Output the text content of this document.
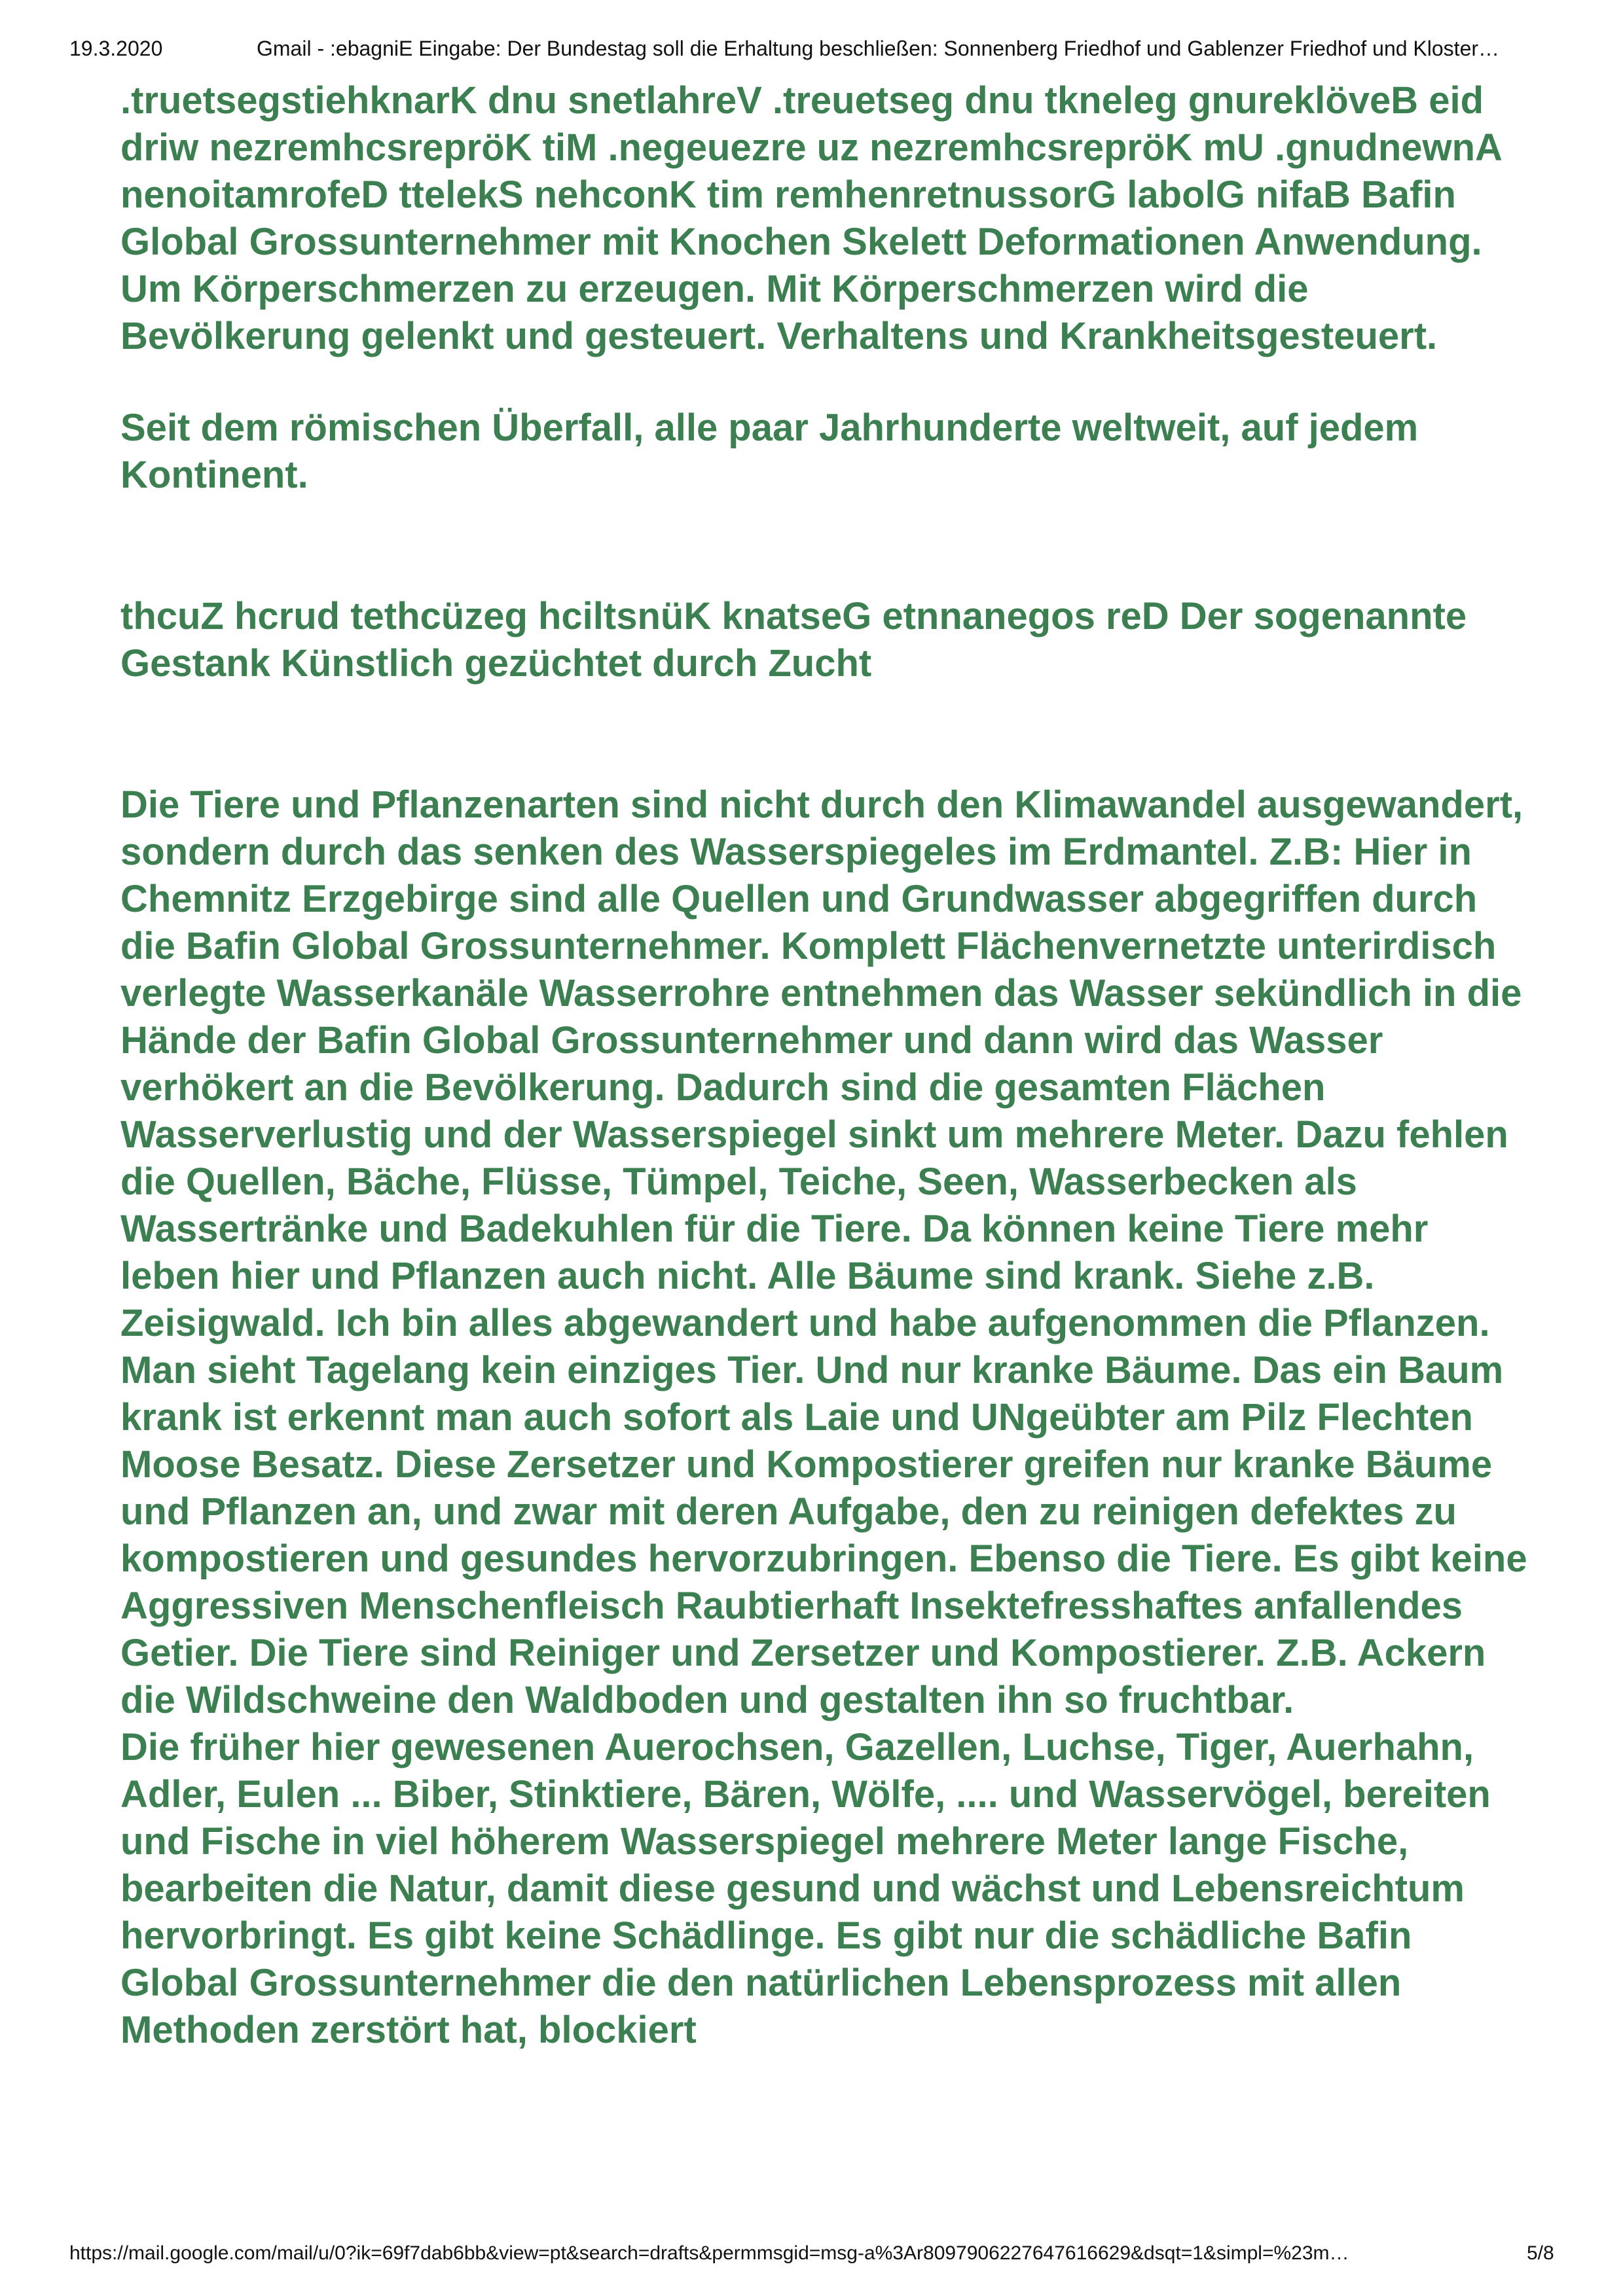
19.3.2020	Gmail - :ebagniE Eingabe: Der Bundestag soll die Erhaltung beschließen: Sonnenberg Friedhof und Gablenzer Friedhof und Kloster…

.truetsegstiehknarK dnu snetlahreV .treuetseg dnu tkneleg gnureklöveB eid driw nezremhcsrepröK tiM .negeuezre uz nezremhcsrepröK mU .gnudnewnA nenoitamrofeD ttelekS nehconK tim remhenretnussorG labolG nifaB Bafin Global Grossunternehmer mit Knochen Skelett Deformationen Anwendung. Um Körperschmerzen zu erzeugen. Mit Körperschmerzen wird die Bevölkerung gelenkt und gesteuert. Verhaltens und Krankheitsgesteuert.

Seit dem römischen Überfall, alle paar Jahrhunderte weltweit, auf jedem Kontinent.

thcuZ hcrud tethcüzeg hciltsnüK knatseG etnnanegos reD Der sogenannte Gestank Künstlich gezüchtet durch Zucht

Die Tiere und Pflanzenarten sind nicht durch den Klimawandel ausgewandert, sondern durch das senken des Wasserspiegeles im Erdmantel. Z.B: Hier in Chemnitz Erzgebirge sind alle Quellen und Grundwasser abgegriffen durch die Bafin Global Grossunternehmer. Komplett Flächenvernetzte unterirdisch verlegte Wasserkanäle Wasserrohre entnehmen das Wasser sekündlich in die Hände der Bafin Global Grossunternehmer und dann wird das Wasser verhökert an die Bevölkerung. Dadurch sind die gesamten Flächen Wasserverlustig und der Wasserspiegel sinkt um mehrere Meter. Dazu fehlen die Quellen, Bäche, Flüsse, Tümpel, Teiche, Seen, Wasserbecken als Wassertränke und Badekuhlen für die Tiere. Da können keine Tiere mehr leben hier und Pflanzen auch nicht. Alle Bäume sind krank. Siehe z.B. Zeisigwald. Ich bin alles abgewandert und habe aufgenommen die Pflanzen. Man sieht Tagelang kein einziges Tier. Und nur kranke Bäume. Das ein Baum krank ist erkennt man auch sofort als Laie und UNgeübter am Pilz Flechten Moose Besatz. Diese Zersetzer und Kompostierer greifen nur kranke Bäume und Pflanzen an, und zwar mit deren Aufgabe, den zu reinigen defektes zu kompostieren und gesundes hervorzubringen. Ebenso die Tiere. Es gibt keine Aggressiven Menschenfleisch Raubtierhaft Insektefresshaftes anfallendes Getier. Die Tiere sind Reiniger und Zersetzer und Kompostierer. Z.B. Ackern die Wildschweine den Waldboden und gestalten ihn so fruchtbar.

Die früher hier gewesenen Auerochsen, Gazellen, Luchse, Tiger, Auerhahn, Adler, Eulen ... Biber, Stinktiere, Bären, Wölfe, .... und Wasservögel, bereiten und Fische in viel höherem Wasserspiegel mehrere Meter lange Fische, bearbeiten die Natur, damit diese gesund und wächst und Lebensreichtum hervorbringt. Es gibt keine Schädlinge. Es gibt nur die schädliche Bafin Global Grossunternehmer die den natürlichen Lebensprozess mit allen Methoden zerstört hat, blockiert

https://mail.google.com/mail/u/0?ik=69f7dab6bb&view=pt&search=drafts&permmsgid=msg-a%3Ar8097906227647616629&dsqt=1&simpl=%23m…	5/8
